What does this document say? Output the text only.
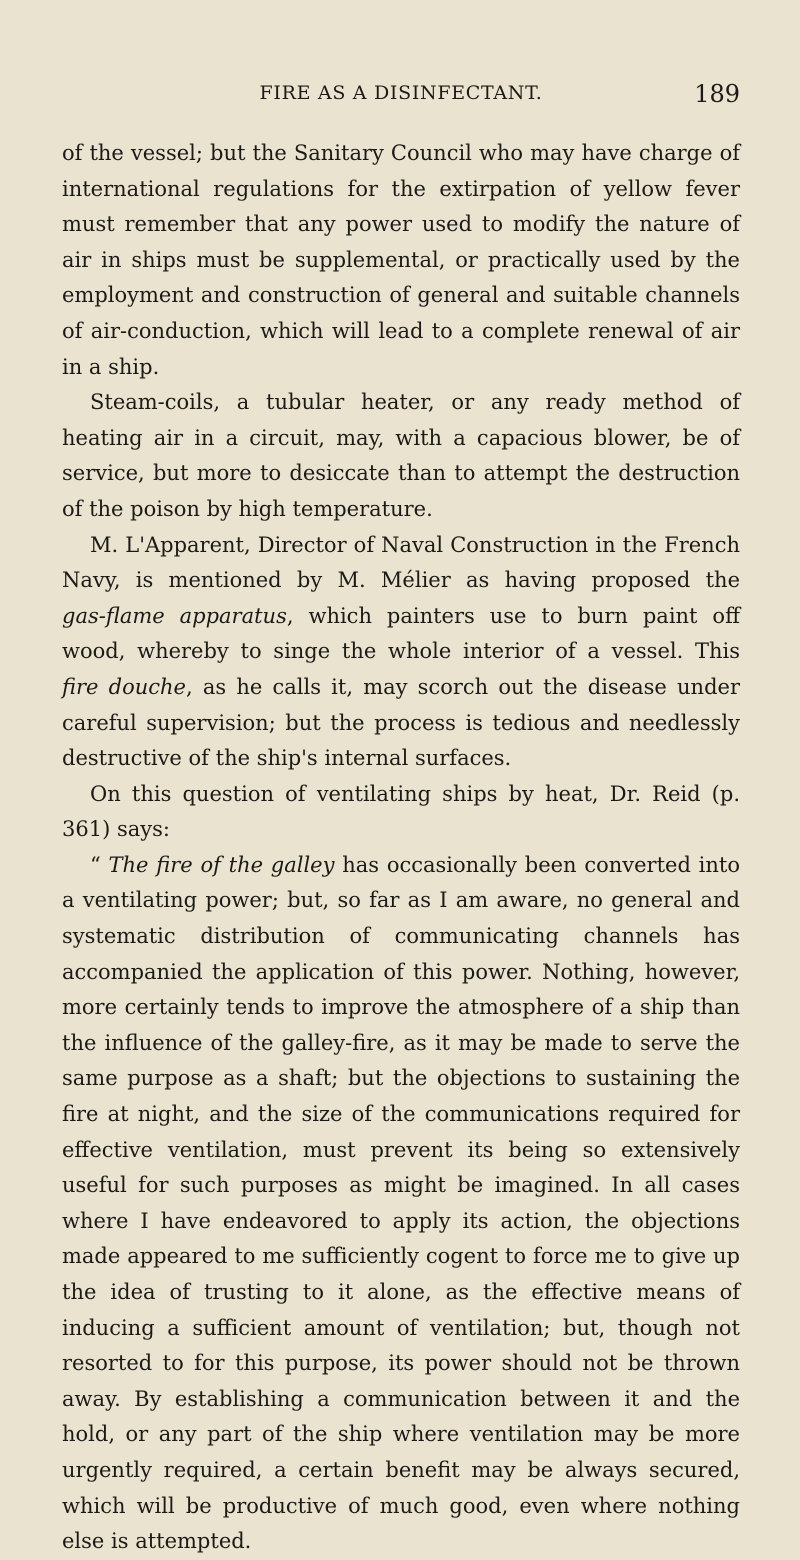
FIRE AS A DISINFECTANT.	189

of the vessel; but the Sanitary Council who may have charge of international regulations for the extirpation of yellow fever must remember that any power used to modify the nature of air in ships must be supplemental, or practically used by the employment and construction of general and suitable channels of air-conduction, which will lead to a complete renewal of air in a ship.

Steam-coils, a tubular heater, or any ready method of heating air in a circuit, may, with a capacious blower, be of service, but more to desiccate than to attempt the destruction of the poison by high temperature.

M. L'Apparent, Director of Naval Construction in the French Navy, is mentioned by M. Mélier as having proposed the gas-flame apparatus, which painters use to burn paint off wood, whereby to singe the whole interior of a vessel. This fire douche, as he calls it, may scorch out the disease under careful supervision; but the process is tedious and needlessly destructive of the ship's internal surfaces.

On this question of ventilating ships by heat, Dr. Reid (p. 361) says:

“ The fire of the galley has occasionally been converted into a ventilating power; but, so far as I am aware, no general and systematic distribution of communicating channels has accompanied the application of this power. Nothing, however, more certainly tends to improve the atmosphere of a ship than the influence of the galley-fire, as it may be made to serve the same purpose as a shaft; but the objections to sustaining the fire at night, and the size of the communications required for effective ventilation, must prevent its being so extensively useful for such purposes as might be imagined. In all cases where I have endeavored to apply its action, the objections made appeared to me sufficiently cogent to force me to give up the idea of trusting to it alone, as the effective means of inducing a sufficient amount of ventilation; but, though not resorted to for this purpose, its power should not be thrown away. By establishing a communication between it and the hold, or any part of the ship where ventilation may be more urgently required, a certain benefit may be always secured, which will be productive of much good, even where nothing else is attempted.
